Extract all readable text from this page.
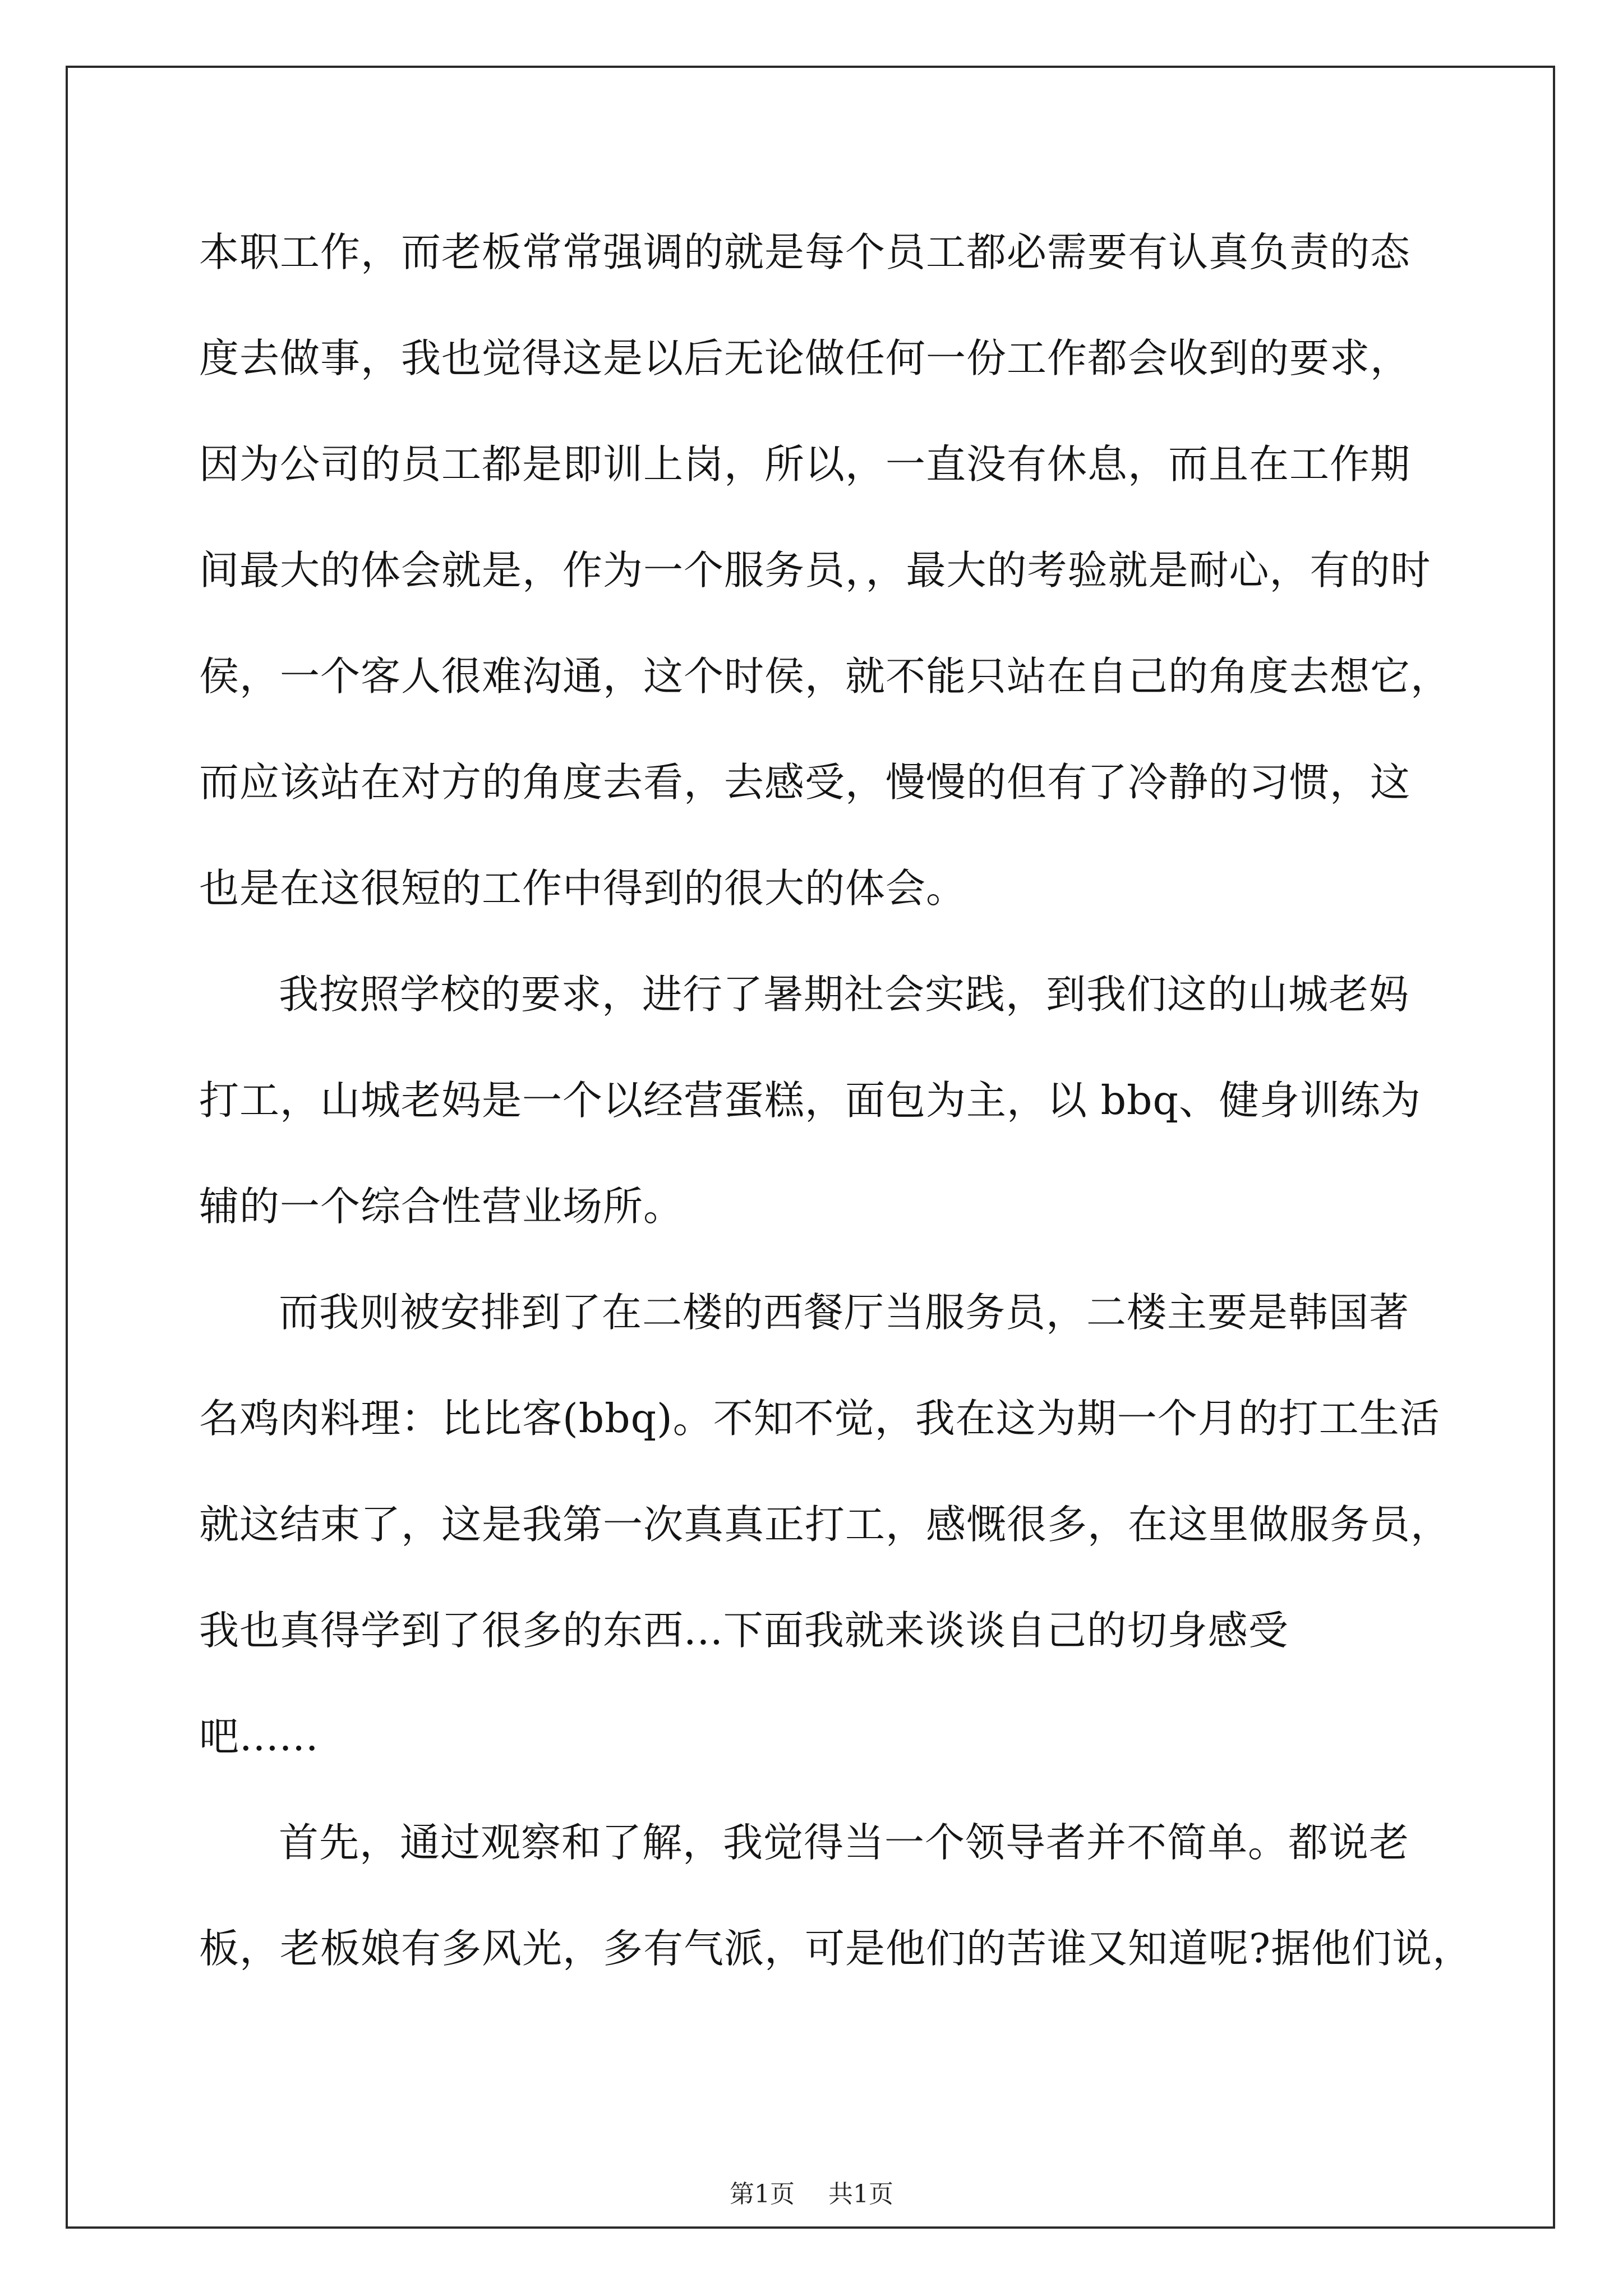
本职工作，而老板常常强调的就是每个员工都必需要有认真负责的态
度去做事，我也觉得这是以后无论做任何一份工作都会收到的要求，
因为公司的员工都是即训上岗，所以，一直没有休息，而且在工作期
间最大的体会就是，作为一个服务员，，最大的考验就是耐心，有的时
侯，一个客人很难沟通，这个时侯，就不能只站在自己的角度去想它，
而应该站在对方的角度去看，去感受，慢慢的但有了冷静的习惯，这
也是在这很短的工作中得到的很大的体会。
我按照学校的要求，进行了暑期社会实践，到我们这的山城老妈
打工，山城老妈是一个以经营蛋糕，面包为主，以 bbq、健身训练为
辅的一个综合性营业场所。
而我则被安排到了在二楼的西餐厅当服务员，二楼主要是韩国著
名鸡肉料理：比比客(bbq)。不知不觉，我在这为期一个月的打工生活
就这结束了，这是我第一次真真正打工，感慨很多，在这里做服务员，
我也真得学到了很多的东西...下面我就来谈谈自己的切身感受
吧......
首先，通过观察和了解，我觉得当一个领导者并不简单。都说老
板，老板娘有多风光，多有气派，可是他们的苦谁又知道呢?据他们说，
第1页 共1页
